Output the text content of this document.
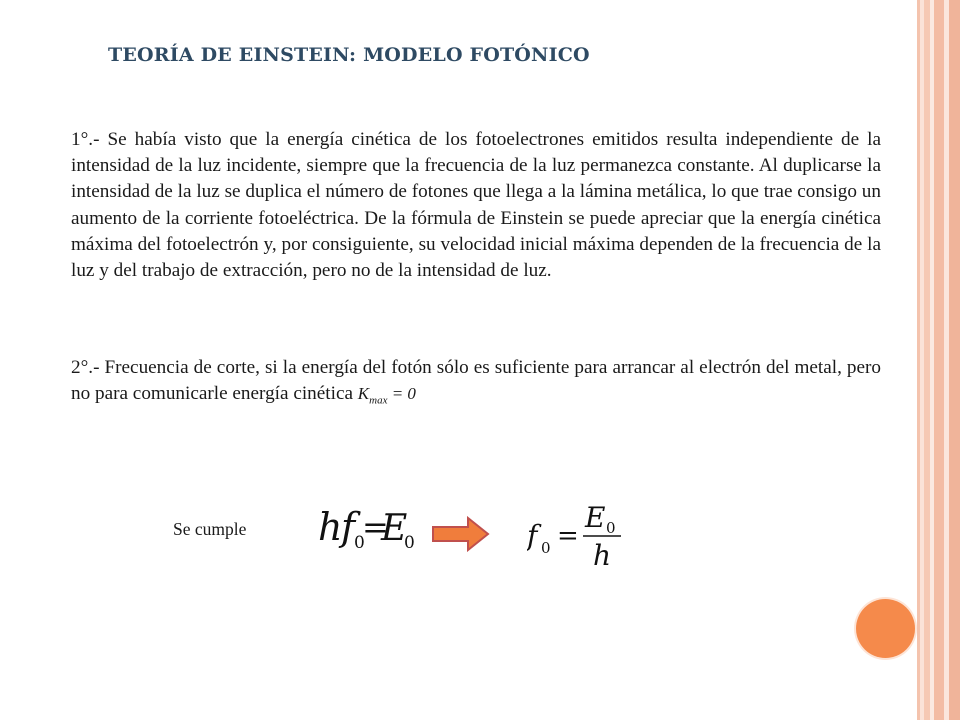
TEORÍA DE EINSTEIN: MODELO FOTÓNICO

1°.- Se había visto que la energía cinética de los fotoelectrones emitidos resulta independiente de la intensidad de la luz incidente, siempre que la frecuencia de la luz permanezca constante. Al duplicarse la intensidad de la luz se duplica el número de fotones que llega a la lámina metálica, lo que trae consigo un aumento de la corriente fotoeléctrica. De la fórmula de Einstein se puede apreciar que la energía cinética máxima del fotoelectrón y, por consiguiente, su velocidad inicial máxima dependen de la frecuencia de la luz y del trabajo de extracción, pero no de la intensidad de luz.

2°.- Frecuencia de corte, si la energía del fotón sólo es suficiente para arrancar al electrón del metal, pero no para comunicarle energía cinética $K_{max} = 0$

Se cumple h
f
0
=
E
0	f 0 =
E 0
h
